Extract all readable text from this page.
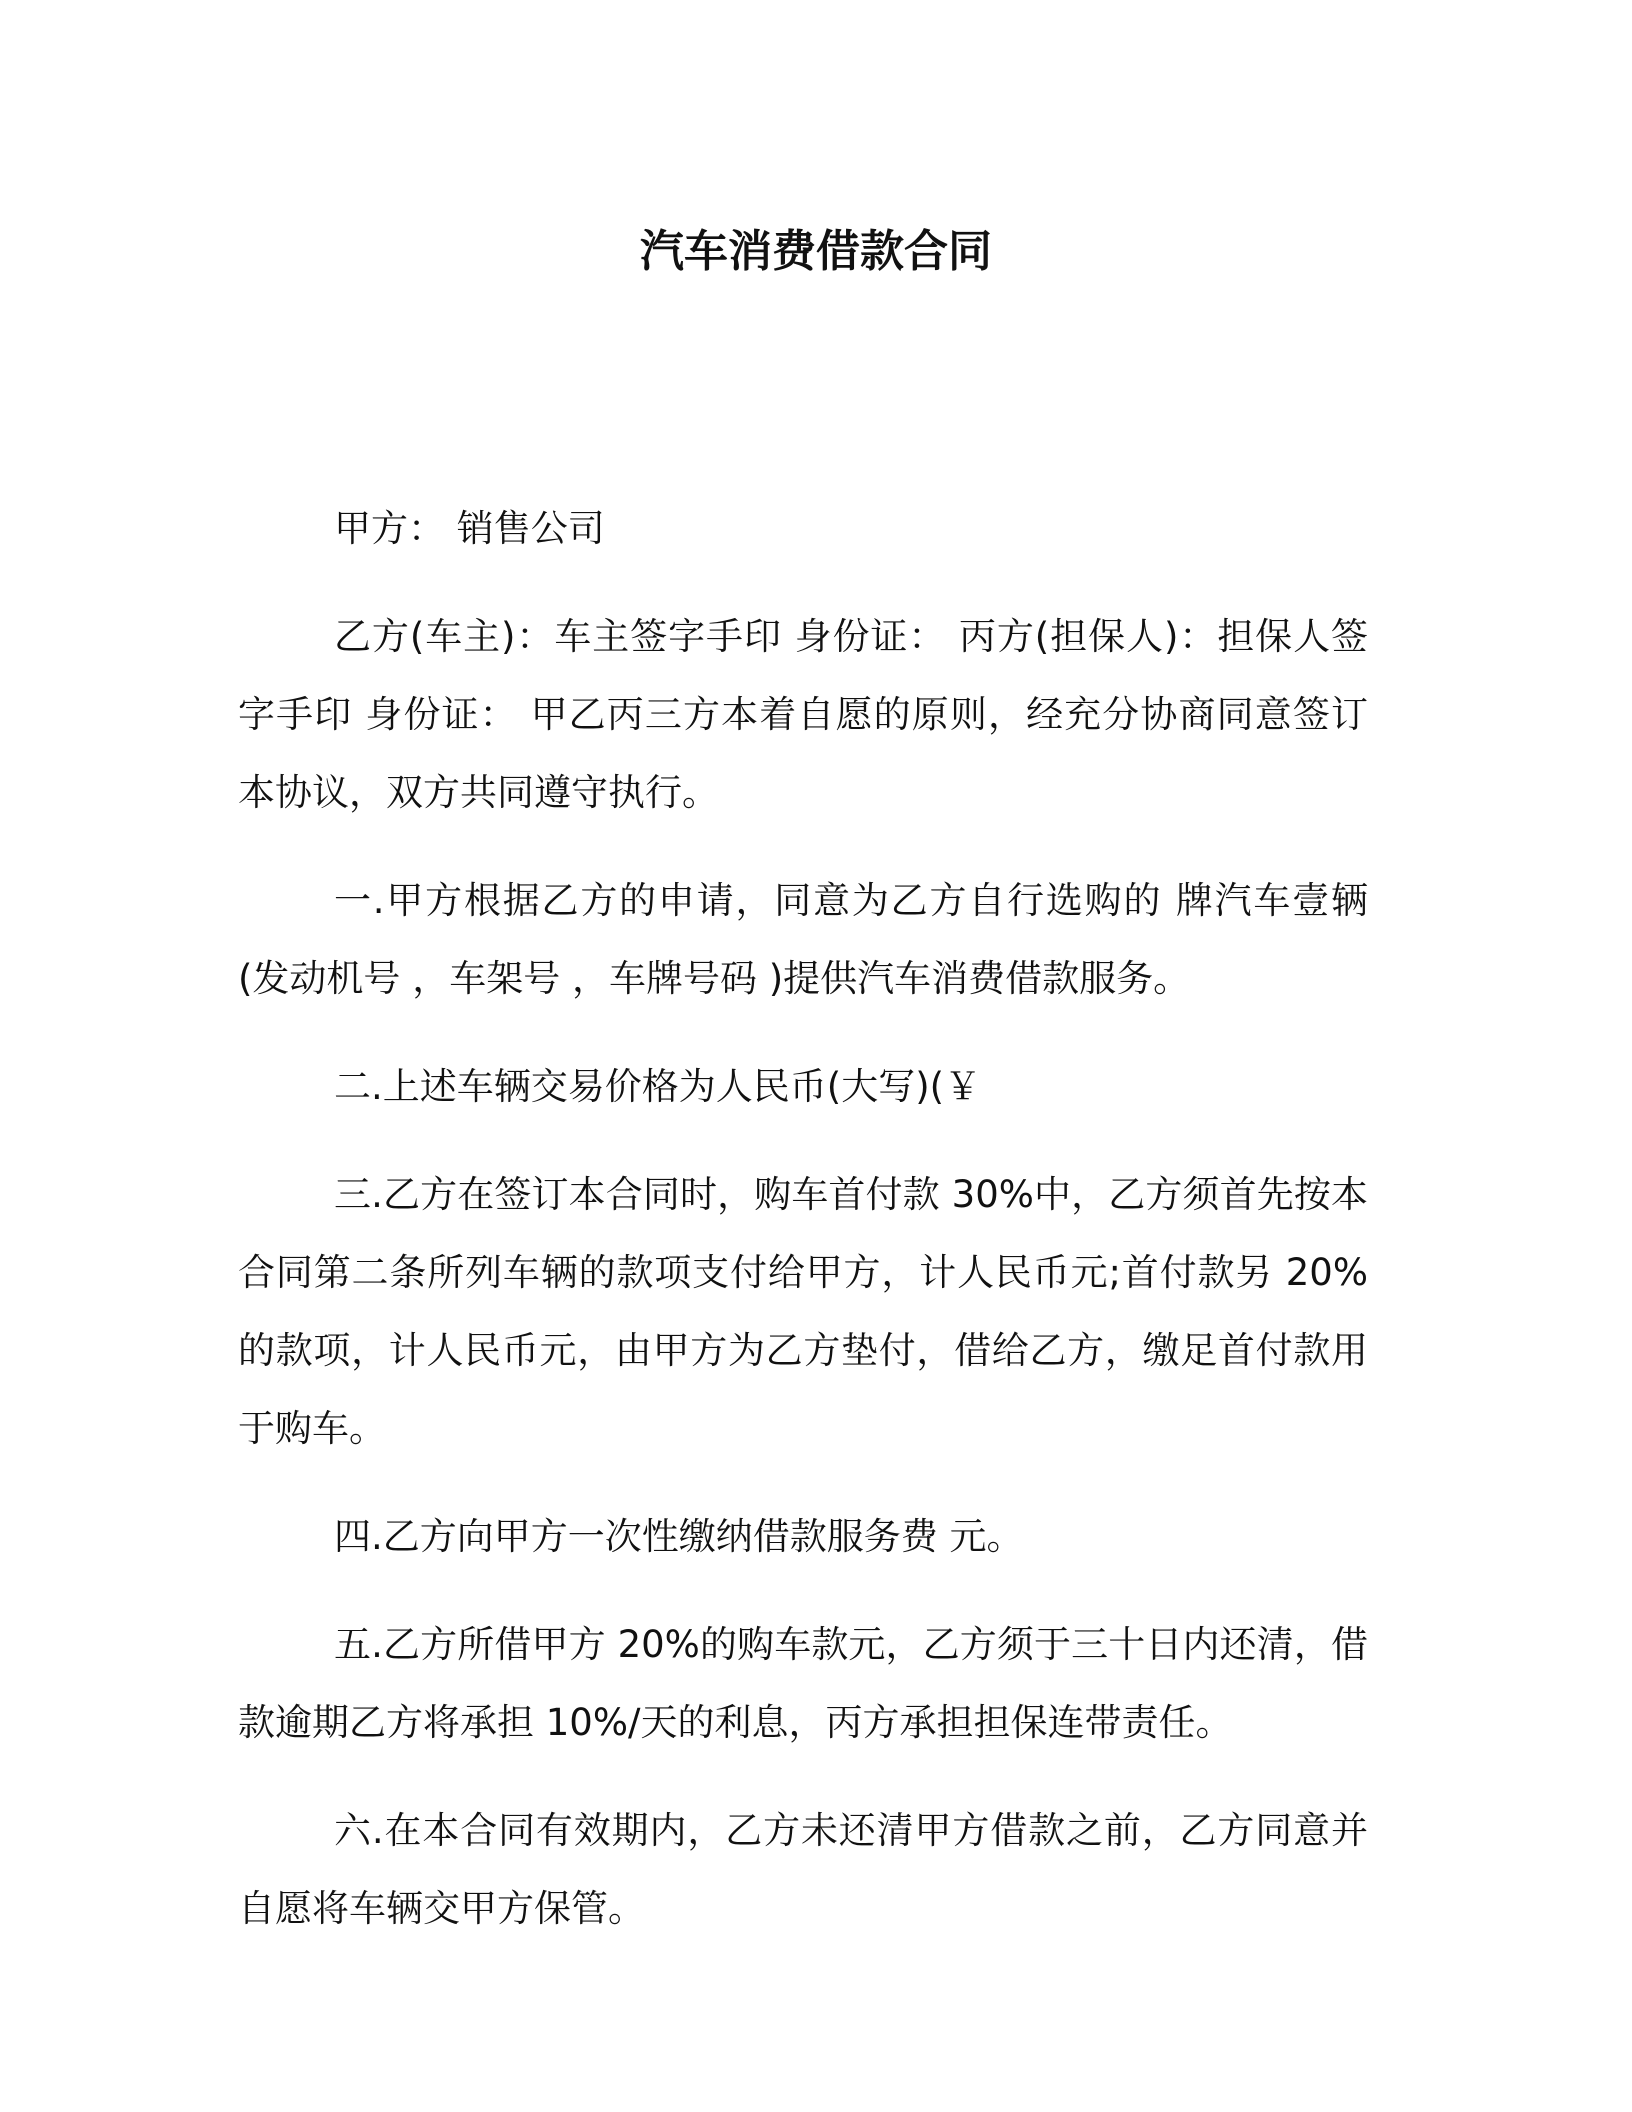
汽车消费借款合同

甲方： 销售公司

乙方(车主)：车主签字手印 身份证： 丙方(担保人)：担保人签字手印 身份证： 甲乙丙三方本着自愿的原则，经充分协商同意签订本协议，双方共同遵守执行。

一.甲方根据乙方的申请，同意为乙方自行选购的 牌汽车壹辆(发动机号 ，车架号 ，车牌号码 )提供汽车消费借款服务。

二.上述车辆交易价格为人民币(大写)(￥

三.乙方在签订本合同时，购车首付款 30%中，乙方须首先按本合同第二条所列车辆的款项支付给甲方，计人民币元;首付款另 20%的款项，计人民币元，由甲方为乙方垫付，借给乙方，缴足首付款用于购车。

四.乙方向甲方一次性缴纳借款服务费 元。

五.乙方所借甲方 20%的购车款元，乙方须于三十日内还清，借款逾期乙方将承担 10%/天的利息，丙方承担担保连带责任。

六.在本合同有效期内，乙方未还清甲方借款之前，乙方同意并自愿将车辆交甲方保管。
